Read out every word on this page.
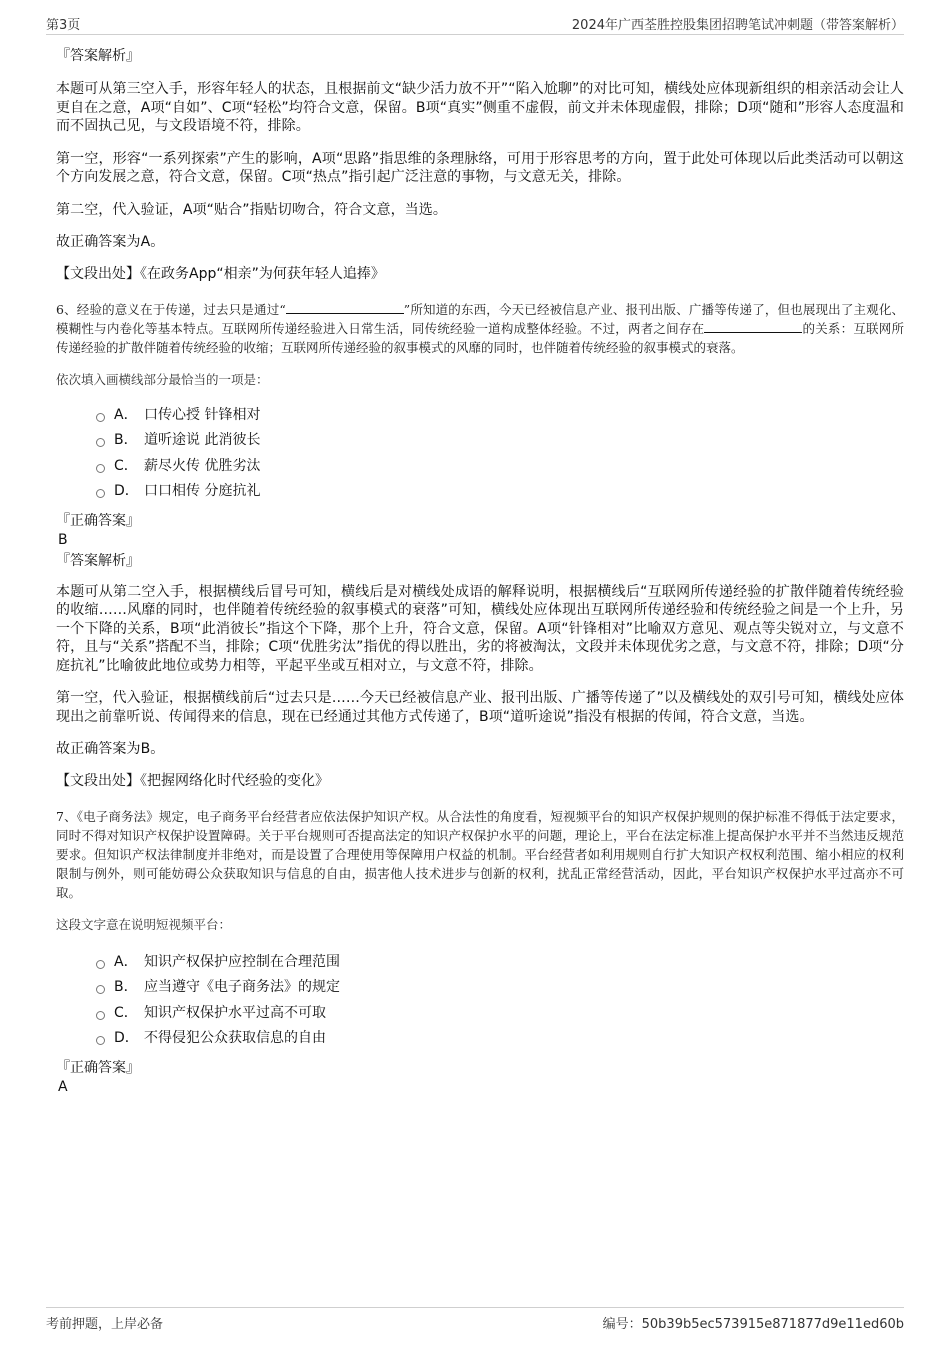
第3页	2024年广西荃胜控股集团招聘笔试冲刺题（带答案解析）

『答案解析』

本题可从第三空入手，形容年轻人的状态，且根据前文“缺少活力放不开”“陷入尬聊”的对比可知，横线处应体现新组织的相亲活动会让人更自在之意，A项“自如”、C项“轻松”均符合文意，保留。B项“真实”侧重不虚假，前文并未体现虚假，排除；D项“随和”形容人态度温和而不固执己见，与文段语境不符，排除。

第一空，形容“一系列探索”产生的影响，A项“思路”指思维的条理脉络，可用于形容思考的方向，置于此处可体现以后此类活动可以朝这个方向发展之意，符合文意，保留。C项“热点”指引起广泛注意的事物，与文意无关，排除。

第二空，代入验证，A项“贴合”指贴切吻合，符合文意，当选。

故正确答案为A。

【文段出处】《在政务App“相亲”为何获年轻人追捧》

6、经验的意义在于传递，过去只是通过“	”所知道的东西，今天已经被信息产业、报刊出版、广播等传递了，但也展现出了主观化、模糊性与内卷化等基本特点。互联网所传递经验进入日常生活，同传统经验一道构成整体经验。不过，两者之间存在	的关系：互联网所传递经验的扩散伴随着传统经验的收缩；互联网所传递经验的叙事模式的风靡的同时，也伴随着传统经验的叙事模式的衰落。

依次填入画横线部分最恰当的一项是：

A． 口传心授 针锋相对
B． 道听途说 此消彼长
C． 薪尽火传 优胜劣汰
D． 口口相传 分庭抗礼

『正确答案』

B

『答案解析』

本题可从第二空入手，根据横线后冒号可知，横线后是对横线处成语的解释说明，根据横线后“互联网所传递经验的扩散伴随着传统经验的收缩……风靡的同时，也伴随着传统经验的叙事模式的衰落”可知，横线处应体现出互联网所传递经验和传统经验之间是一个上升，另一个下降的关系，B项“此消彼长”指这个下降，那个上升，符合文意，保留。A项“针锋相对”比喻双方意见、观点等尖锐对立，与文意不符，且与“关系”搭配不当，排除；C项“优胜劣汰”指优的得以胜出，劣的将被淘汰，文段并未体现优劣之意，与文意不符，排除；D项“分庭抗礼”比喻彼此地位或势力相等，平起平坐或互相对立，与文意不符，排除。

第一空，代入验证，根据横线前后“过去只是……今天已经被信息产业、报刊出版、广播等传递了”以及横线处的双引号可知，横线处应体现出之前靠听说、传闻得来的信息，现在已经通过其他方式传递了，B项“道听途说”指没有根据的传闻，符合文意，当选。

故正确答案为B。

【文段出处】《把握网络化时代经验的变化》

7、《电子商务法》规定，电子商务平台经营者应依法保护知识产权。从合法性的角度看，短视频平台的知识产权保护规则的保护标准不得低于法定要求，同时不得对知识产权保护设置障碍。关于平台规则可否提高法定的知识产权保护水平的问题，理论上，平台在法定标准上提高保护水平并不当然违反规范要求。但知识产权法律制度并非绝对，而是设置了合理使用等保障用户权益的机制。平台经营者如利用规则自行扩大知识产权权利范围、缩小相应的权利限制与例外，则可能妨碍公众获取知识与信息的自由，损害他人技术进步与创新的权利，扰乱正常经营活动，因此，平台知识产权保护水平过高亦不可取。

这段文字意在说明短视频平台：

A． 知识产权保护应控制在合理范围
B． 应当遵守《电子商务法》的规定
C． 知识产权保护水平过高不可取
D． 不得侵犯公众获取信息的自由

『正确答案』

A

考前押题，上岸必备	编号：50b39b5ec573915e871877d9e11ed60b
